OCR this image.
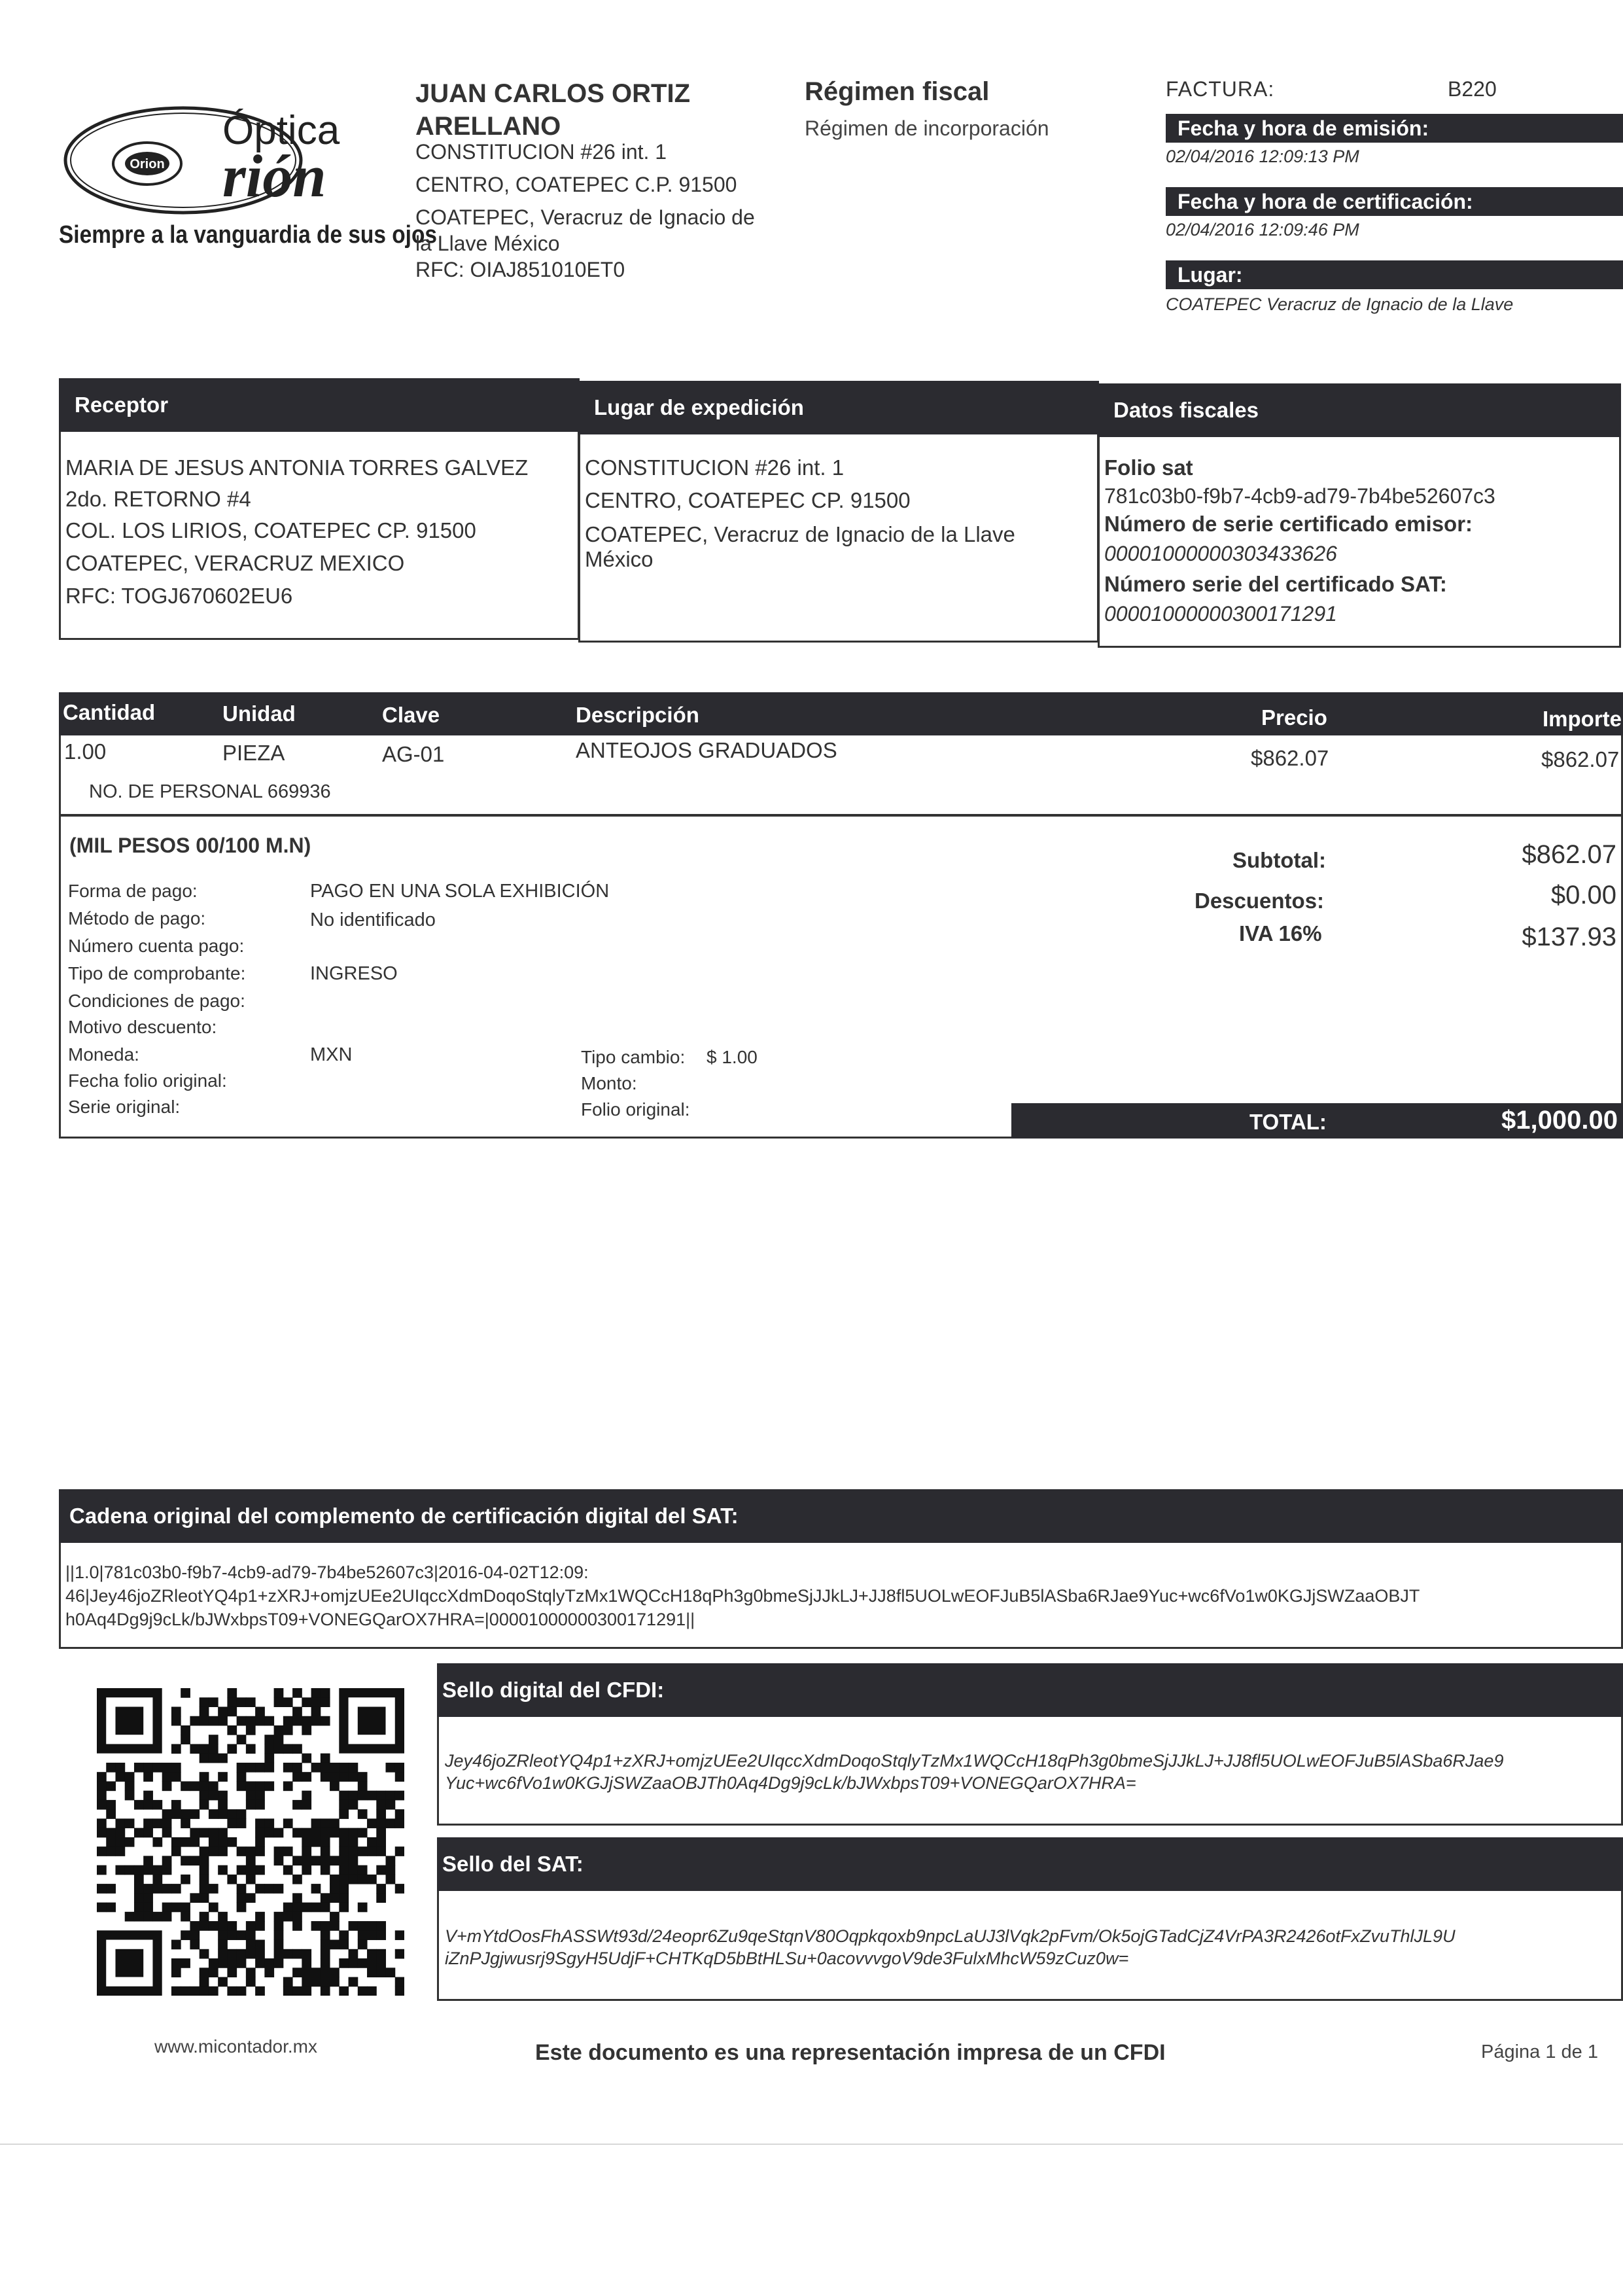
Orion
Óptica
rión
Siempre a la vanguardia de sus ojos
JUAN CARLOS ORTIZ ARELLANO
CONSTITUCION #26 int. 1
CENTRO, COATEPEC C.P. 91500
COATEPEC, Veracruz de Ignacio de
la Llave México
RFC: OIAJ851010ET0
Régimen fiscal
Régimen de incorporación
FACTURA:	B220
Fecha y hora de emisión:
02/04/2016 12:09:13 PM
Fecha y hora de certificación:
02/04/2016 12:09:46 PM
Lugar:
COATEPEC Veracruz de Ignacio de la Llave
Receptor
MARIA DE JESUS ANTONIA TORRES GALVEZ
2do. RETORNO #4
COL. LOS LIRIOS, COATEPEC CP. 91500
COATEPEC, VERACRUZ MEXICO
RFC: TOGJ670602EU6
Lugar de expedición
CONSTITUCION #26 int. 1
CENTRO, COATEPEC CP. 91500
COATEPEC, Veracruz de Ignacio de la Llave
México
Datos fiscales
Folio sat
781c03b0-f9b7-4cb9-ad79-7b4be52607c3
Número de serie certificado emisor:
00001000000303433626
Número serie del certificado SAT:
00001000000300171291
Cantidad	Unidad	Clave	Descripción	Precio	Importe
1.00	PIEZA	AG-01	ANTEOJOS GRADUADOS	$862.07	$862.07
NO. DE PERSONAL 669936
(MIL PESOS 00/100 M.N)
Forma de pago:	PAGO EN UNA SOLA EXHIBICIÓN
Método de pago:	No identificado
Número cuenta pago:
Tipo de comprobante:	INGRESO
Condiciones de pago:
Motivo descuento:
Moneda:	MXN
Fecha folio original:
Serie original:
Tipo cambio: $ 1.00
Monto:
Folio original:
Subtotal:	$862.07
Descuentos:	$0.00
IVA 16%	$137.93
TOTAL:	$1,000.00
Cadena original del complemento de certificación digital del SAT:
||1.0|781c03b0-f9b7-4cb9-ad79-7b4be52607c3|2016-04-02T12:09:
46|Jey46joZRleotYQ4p1+zXRJ+omjzUEe2UIqccXdmDoqoStqlyTzMx1WQCcH18qPh3g0bmeSjJJkLJ+JJ8fl5UOLwEOFJuB5lASba6RJae9Yuc+wc6fVo1w0KGJjSWZaaOBJT
h0Aq4Dg9j9cLk/bJWxbpsT09+VONEGQarOX7HRA=|00001000000300171291||
Sello digital del CFDI:
Jey46joZRleotYQ4p1+zXRJ+omjzUEe2UIqccXdmDoqoStqlyTzMx1WQCcH18qPh3g0bmeSjJJkLJ+JJ8fl5UOLwEOFJuB5lASba6RJae9
Yuc+wc6fVo1w0KGJjSWZaaOBJTh0Aq4Dg9j9cLk/bJWxbpsT09+VONEGQarOX7HRA=
Sello del SAT:
V+mYtdOosFhASSWt93d/24eopr6Zu9qeStqnV80Oqpkqoxb9npcLaUJ3lVqk2pFvm/Ok5ojGTadCjZ4VrPA3R2426otFxZvuThlJL9U
iZnPJgjwusrj9SgyH5UdjF+CHTKqD5bBtHLSu+0acovvvgoV9de3FulxMhcW59zCuz0w=
www.micontador.mx	Este documento es una representación impresa de un CFDI	Página 1 de 1
